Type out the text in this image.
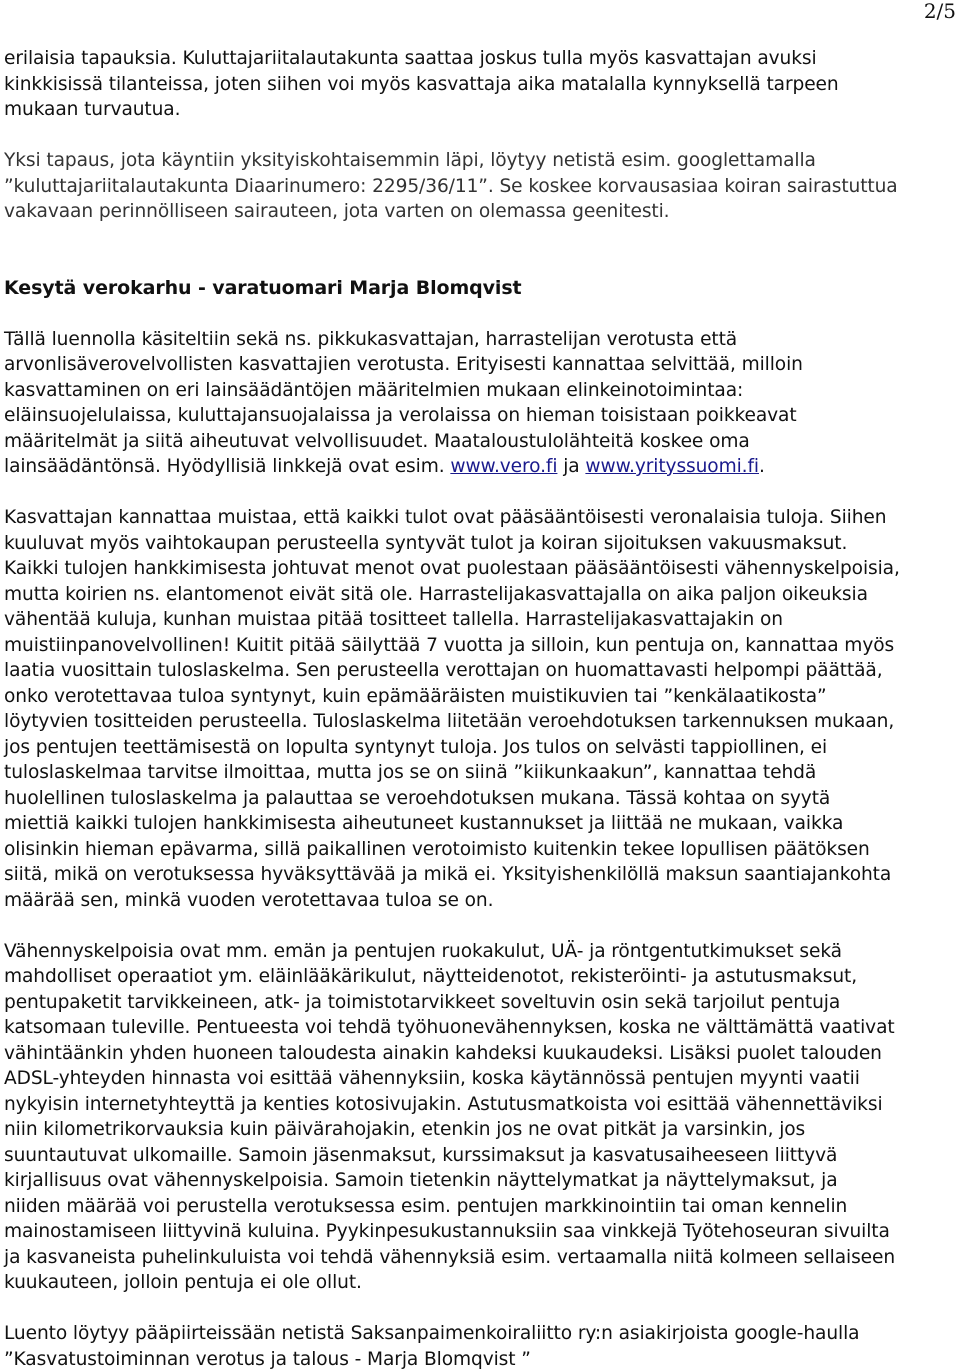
2/5

erilaisia tapauksia. Kuluttajariitalautakunta saattaa joskus tulla myös kasvattajan avuksi

kinkkisissä tilanteissa, joten siihen voi myös kasvattaja aika matalalla kynnyksellä tarpeen

mukaan turvautua.

Yksi tapaus, jota käyntiin yksityiskohtaisemmin läpi, löytyy netistä esim. googlettamalla

”kuluttajariitalautakunta Diaarinumero: 2295/36/11”. Se koskee korvausasiaa koiran sairastuttua

vakavaan perinnölliseen sairauteen, jota varten on olemassa geenitesti.

Kesytä verokarhu - varatuomari Marja Blomqvist

Tällä luennolla käsiteltiin sekä ns. pikkukasvattajan, harrastelijan verotusta että

arvonlisäverovelvollisten kasvattajien verotusta. Erityisesti kannattaa selvittää, milloin

kasvattaminen on eri lainsäädäntöjen määritelmien mukaan elinkeinotoimintaa:

eläinsuojelulaissa, kuluttajansuojalaissa ja verolaissa on hieman toisistaan poikkeavat

määritelmät ja siitä aiheutuvat velvollisuudet. Maataloustulolähteitä koskee oma

lainsäädäntönsä. Hyödyllisiä linkkejä ovat esim. www.vero.fi ja www.yrityssuomi.fi.

Kasvattajan kannattaa muistaa, että kaikki tulot ovat pääsääntöisesti veronalaisia tuloja. Siihen

kuuluvat myös vaihtokaupan perusteella syntyvät tulot ja koiran sijoituksen vakuusmaksut.

Kaikki tulojen hankkimisesta johtuvat menot ovat puolestaan pääsääntöisesti vähennyskelpoisia,

mutta koirien ns. elantomenot eivät sitä ole. Harrastelijakasvattajalla on aika paljon oikeuksia

vähentää kuluja, kunhan muistaa pitää tositteet tallella. Harrastelijakasvattajakin on

muistiinpanovelvollinen! Kuitit pitää säilyttää 7 vuotta ja silloin, kun pentuja on, kannattaa myös

laatia vuosittain tuloslaskelma. Sen perusteella verottajan on huomattavasti helpompi päättää,

onko verotettavaa tuloa syntynyt, kuin epämääräisten muistikuvien tai ”kenkälaatikosta”

löytyvien tositteiden perusteella. Tuloslaskelma liitetään veroehdotuksen tarkennuksen mukaan,

jos pentujen teettämisestä on lopulta syntynyt tuloja. Jos tulos on selvästi tappiollinen, ei

tuloslaskelmaa tarvitse ilmoittaa, mutta jos se on siinä ”kiikunkaakun”, kannattaa tehdä

huolellinen tuloslaskelma ja palauttaa se veroehdotuksen mukana. Tässä kohtaa on syytä

miettiä kaikki tulojen hankkimisesta aiheutuneet kustannukset ja liittää ne mukaan, vaikka

olisinkin hieman epävarma, sillä paikallinen verotoimisto kuitenkin tekee lopullisen päätöksen

siitä, mikä on verotuksessa hyväksyttävää ja mikä ei. Yksityishenkilöllä maksun saantiajankohta

määrää sen, minkä vuoden verotettavaa tuloa se on.

Vähennyskelpoisia ovat mm. emän ja pentujen ruokakulut, UÄ- ja röntgentutkimukset sekä

mahdolliset operaatiot ym. eläinlääkärikulut, näytteidenotot, rekisteröinti- ja astutusmaksut,

pentupaketit tarvikkeineen, atk- ja toimistotarvikkeet soveltuvin osin sekä tarjoilut pentuja

katsomaan tuleville. Pentueesta voi tehdä työhuonevähennyksen, koska ne välttämättä vaativat

vähintäänkin yhden huoneen taloudesta ainakin kahdeksi kuukaudeksi. Lisäksi puolet talouden

ADSL-yhteyden hinnasta voi esittää vähennyksiin, koska käytännössä pentujen myynti vaatii

nykyisin internetyhteyttä ja kenties kotosivujakin. Astutusmatkoista voi esittää vähennettäviksi

niin kilometrikorvauksia kuin päivärahojakin, etenkin jos ne ovat pitkät ja varsinkin, jos

suuntautuvat ulkomaille. Samoin jäsenmaksut, kurssimaksut ja kasvatusaiheeseen liittyvä

kirjallisuus ovat vähennyskelpoisia. Samoin tietenkin näyttelymatkat ja näyttelymaksut, ja

niiden määrää voi perustella verotuksessa esim. pentujen markkinointiin tai oman kennelin

mainostamiseen liittyvinä kuluina. Pyykinpesukustannuksiin saa vinkkejä Työtehoseuran sivuilta

ja kasvaneista puhelinkuluista voi tehdä vähennyksiä esim. vertaamalla niitä kolmeen sellaiseen

kuukauteen, jolloin pentuja ei ole ollut.

Luento löytyy pääpiirteissään netistä Saksanpaimenkoiraliitto ry:n asiakirjoista google-haulla

”Kasvatustoiminnan verotus ja talous - Marja Blomqvist ”
